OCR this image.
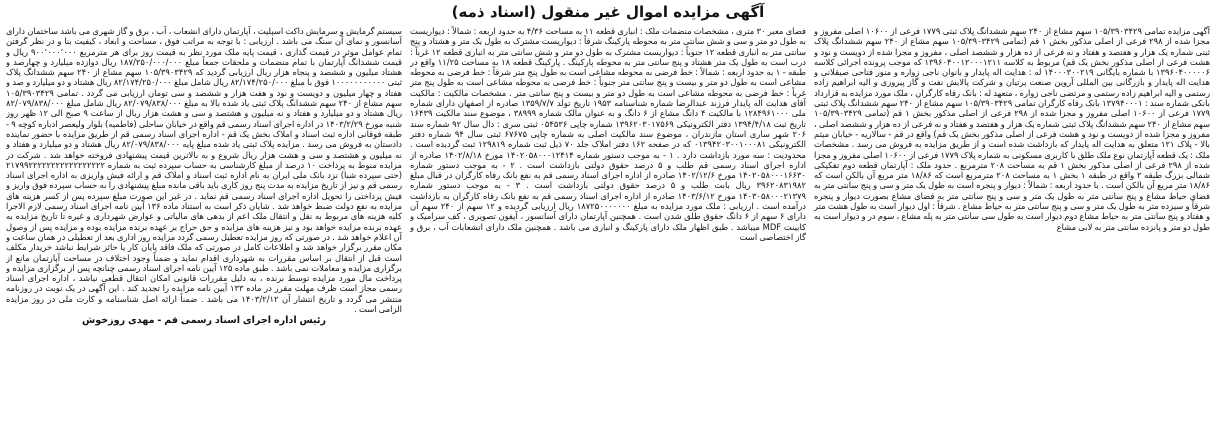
آگهی مزایده اموال غیر منقول (اسناد ذمه)

آگهی مزایده تمامی ۱۰۵/۳۹۰۳۴۲۹ سهم مشاع از ۲۴۰ سهم ششدانگ پلاک ثبتی ۱۷۷۹ فرعی از ۱۰۶۰۰ اصلی مفروز و مجزا شده از ۲۹۸ فرعی از اصلی مذکور بخش ۱ قم (تمامی ۱۰۵/۳۹۰۳۴۲۹ سهم مشاع از ۲۴۰ سهم ششدانگ پلاک ثبتی شماره یک هزار و هفتصد و هفتاد و نه فرعی از ده هزار و ششصد اصلی ، مفروز و مجزا شده از دویست و نود و هشت فرعی از اصلی مذکور بخش یک قم) مربوط به کلاسه ۱۳۹۶۰۴۰۰۱۲۰۰۰۱۲۱۱ که موجب پرونده اجرائی کلاسه ۱۳۹۶۰۴۰۰۰۰۰۶ با شماره بایگانی ۱۴۰۰۰۳۰۰۲۱۹ له : هدایت اله پایدار و بانوان ناجی زواره و منور فتاحی صیقلانی و هدایت اله پایدار و بازرگانی بین المللی آروین صنعت پرتیان و شرکت پالایش نفت و گاز پیروزی و الیه ابراهیم زاده رستمی و الیه ابراهیم زاده رستمی و مرتضی ناجی زواره ، متعهد له : بانک رفاه کارگران ، ملک مورد مزایده به قرارداد بانکی شماره سند : ۱۳۷۹۴۰۰۰۱ بانک رفاه کارگران تمامی ۱۰۵/۳۹۰۳۴۲۹ سهم مشاع از ۲۴۰ سهم ششدانگ پلاک ثبتی ۱۷۷۹ فرعی از ۱۰۶۰۰ اصلی مفروز و مجزا شده از ۲۹۸ فرعی از اصلی مذکور بخش ۱ قم (تمامی ۱۰۵/۳۹۰۳۴۲۹ سهم مشاع از ۲۴۰ سهم ششدانگ پلاک ثبتی شماره یک هزار و هفتصد و هفتاد و نه فرعی از ده هزار و ششصد اصلی ، مفروز و مجزا شده از دویست و نود و هشت فرعی از اصلی مذکور بخش یک قم) واقع در قم - سالاریه - خیابان میثم بالا - پلاک ۱۲۱ متعلق به هدایت اله پایدار که بازداشت شده است و از طریق مزایده به فروش می رسد . مشخصات ملک : یک قطعه آپارتمان نوع ملک طلق با کاربری مسکونی به شماره پلاک ۱۷۷۹ فرعی از ۱۰۶۰۰ اصلی مفروز و مجزا شده از ۲۹۸ فرعی از اصلی مذکور بخش ۱ قم به مساحت ۲۰۸ مترمربع . حدود ملک : آپارتمان قطعه دوم تفکیکی شمالی بزرگ طبقه ۲ واقع در طبقه ۱ بخش ۱ به مساحت ۲۰۸ مترمربع است که ۱۸/۸۶ متر مربع آن بالکن است که ۱۸/۸۶ متر مربع آن بالکن است . با حدود اربعه : شمالاً : دیوار و پنجره است به طول یک متر و سی و پنج سانتی متر به فضای حیاط مشاع و پنج سانتی متر به طول یک متر و سی و پنج سانتی متر به فضای مشاع بصورت دیوار و پنجره شرقاً و سیزده متر به طول یک متر و سی و پنج سانتی متر به حیاط مشاع . شرقاً : اول دیوار است به طول هشت متر و هفتاد و پنج سانتی متر به حیاط مشاع دوم دیوار است به طول سی سانتی متر به پله مشاع ، سوم در و دیوار است به طول دو متر و پانزده سانتی متر به لابی مشاع

فضای معبر ۳۰ متری ، مشخصات منضمات ملک : انباری قطعه ۱۱ به مساحت ۴/۳۶ به حدود اربعه : شمالاً : دیواریست به طول دو متر و سی و شش سانتی متر به محوطه پارکینگ شرقاً : دیواریست مشترک به طول یک متر و هشتاد و پنج سانتی متر به انباری قطعه ۱۲ جنوباً : دیواریست مشترک به طول دو متر و شش سانتی متر به انباری قطعه ۱۲ غرباً : درب است به طول یک متر هشتاد و پنج سانتی متر به محوطه پارکینگ . پارکینگ قطعه ۱۸ به مساحت ۱۱/۲۵ واقع در طبقه - ۱ به حدود اربعه : شمالاً : خط فرضی به محوطه مشاعی است به طول پنج متر شرقاً : خط فرضی به محوطه مشاعی است به طول دو متر و بیست و پنج سانتی متر جنوباً : خط فرضی به محوطه مشاعی است به طول پنج متر غرباً : خط فرضی به محوطه مشاعی است به طول دو متر و بیست و پنج سانتی متر . مشخصات مالکیت : مالکیت آقای هدایت اله پایدار فرزند عبدالرضا شماره شناسنامه ۱۹۵۳ تاریخ تولد ۱۳۵۹/۷/۷ صادره از اصفهان دارای شماره ملی ۱۲۸۴۹۶۱۰۰۰ با مالکیت ۴ دانگ مشاع از ۶ دانگ و به عنوان مالک شماره ۳۸۹۹۹ ، موضوع سند مالکیت ۱۶۴۳۹ تاریخ ثبت ۱۳۹۴/۴/۱۸ دفتر الکترونیکی ۱۳۹۶۲۰۳۰۱۷۵۶۹ شماره چاپی ۰۵۴۵۳۶ ثبتی سری : دال سال ۹۲ شماره سند ۲۰۶ شهر ساری استان مازندران ، موضوع سند مالکیت اصلی به شماره چاپی ۶۷۶۷۵ ثبتی سال ۹۴ شماره دفتر الکترونیکی ۰۱۳۹۴۲۰۳۰۰۱۰۰۰۸۱ که در صفحه ۱۶۲ دفتر املاک جلد ۷۰ ذیل ثبت شماره ۱۲۹۸۱۹ ثبت گردیده است . محدودیت : سه مورد بازداشت دارد . ۱ - به موجب دستور شماره ۱۴۰۲۰۵۸۰۰۰۱۲۴۱۴ مورخ ۱۴۰۲/۸/۱۸ صادره از اداره اجرای اسناد رسمی قم طلب و ۵ درصد حقوق دولتی بازداشت است . ۲ - به موجب دستور شماره ۱۴۰۲۰۵۸۰۰۰۱۶۶۳۰ مورخ ۱۴۰۲/۱۲/۶ صادره از اداره اجرای اسناد رسمی قم به نفع بانک رفاه کارگران در قبال مبلغ ۳۹۶۲۰۸۳۱۹۸۲ ریال بابت طلب و ۵ درصد حقوق دولتی بازداشت است . ۳ - به موجب دستور شماره ۱۴۰۳۰۵۸۰۰۰۲۱۳۷۹ مورخ ۱۴۰۳/۶/۱۲ صادره از اداره اجرای اسناد رسمی قم به نفع بانک رفاه کارگران به بازداشت درآمده است . ارزیابی : ملک مورد مزایده به مبلغ ۱۸۷۲۵۰۰۰۰۰۰۰ ریال ارزیابی گردیده و ۱۲ سهم از ۲۴۰ سهم آن دارای ۶ سهم از ۶ دانگ حقوق طلق شدن است . همچنین آپارتمان دارای آسانسور ، آیفون تصویری ، کف سرامیک و کابینت MDF میباشد . طبق اظهار ملک دارای پارکینگ و انباری می باشد . همچنین ملک دارای انشعابات آب ، برق و گاز اختصاصی است

سیستم گرمایش و سرمایش داکت اسپلیت ، آپارتمان دارای انشعاب ، آب ، برق و گاز شهری می باشد ساختمان دارای آسانسور و نمای آن سنگ می باشد . ارزیابی : با توجه به مراتب فوق ، مساحت و ابعاد ، کیفیت بنا و در نظر گرفتن تمام عوامل موثر در قیمت گذاری ، قیمت پایه ملک مورد نظر به قیمت روز برای هر مترمربع ۹۰۰٬۰۰۰٬۰۰۰ ریال و قیمت ششدانگ آپارتمان با تمام منضمات و ملحقات جمعاً مبلغ ۱۸۷/۲۵۰/۰۰۰/۰۰۰ ریال دوازده میلیارد و چهارصد و هشتاد میلیون و ششصد و پنجاه هزار ریال ارزیابی گردید که ۱۰۵/۳۹۰۳۴۲۹ سهم مشاع از ۲۴۰ سهم ششدانگ پلاک ثبتی ۱۰۰۰۰۰۰۰۰۰۰۰ فوق با مبلغ ۸۲/۱۷۴/۲۵۰/۰۰۰ ریال شامل مبلغ ۸۲/۱۷۴/۲۵۰/۰۰۰ ریال هشتاد و دو میلیارد و صد و هفتاد و چهار میلیون و دویست و نود و هفت هزار و ششصد و سی تومان ارزیابی می گردد . تمامی ۱۰۵/۳۹۰۳۴۲۹ سهم مشاع از ۲۴۰ سهم ششدانگ پلاک ثبتی یاد شده بالا به مبلغ ۸۲/۰۷۹/۸۳۸/۰۰۰ ریال شامل مبلغ ۸۲/۰۷۹/۸۳۸/۰۰۰ ریال هشتاد و دو میلیارد و هفتاد و نه میلیون و هشتصد و سی و هشت هزار ریال از ساعت ۹ صبح الی ۱۲ ظهر روز شنبه مورخ ۱۴۰۳/۲/۲۹ در اداره اجرای اسناد رسمی قم واقع در خیابان ساحلی (فاطمیه) بلوار ولیعصر ادباره کوچه ۹ - طبقه فوقانی اداره ثبت اسناد و املاک بخش یک قم - اداره اجرای اسناد رسمی قم از طریق مزایده با حضور نماینده دادستان به فروش می رسد . مزایده پلاک ثبتی یاد شده مبلغ پایه ۸۲/۰۷۹/۸۳۸/۰۰۰ ریال هشتاد و دو میلیارد و هفتاد و نه میلیون و هشتصد و سی و هشت هزار ریال شروع و به بالاترین قیمت پیشنهادی فروخته خواهد شد . شرکت در مزایده منوط به پرداخت ۱۰ درصد از مبلغ کارشناسی به حساب سپرده ثبت به شماره ۲۱۷۹۹۲۲۲۲۲۲۲۲۲۲۲۲۲۲۲۲۲ (حتی سپرده شبا) نزد بانک ملی ایران به نام اداره ثبت اسناد و املاک قم و ارائه فیش واریزی به اداره اجرای اسناد رسمی قم و نیز از تاریخ مزایده به مدت پنج روز کاری باید باقی مانده مبلغ پیشنهادی را به حساب سپرده فوق واریز و فیش پرداختی را تحویل اداره اجرای اسناد رسمی قم نماید . در غیر این صورت مبلغ سپرده پس از کسر هزینه های مزایده به نفع دولت ضبط خواهد شد . شایان ذکر است به استناد ماده ۱۳۶ آیین نامه اجرای اسناد رسمی لازم الاجرا کلیه هزینه های مربوط به نقل و انتقال ملک اعم از بدهی های مالیاتی و عوارض شهرداری و غیره تا تاریخ مزایده به عهده برنده مزایده خواهد بود و نیز هزینه های مزایده و حق حراج بر عهده برنده مزایده بوده و مزایده پس از وصول آن اعلام خواهد شد . در صورتی که روز مزایده تعطیل رسمی گردد مزایده روز اداری بعد از تعطیلی در همان ساعت و مکان مقرر برگزار خواهد شد و اطلاعات کامل در صورتی که ملک فاقد پایان کار یا حائز شرایط نباشد خریدار مکلف است قبل از انتقال بر اساس مقررات به شهرداری اقدام نماید و ضمناً وجود اختلاف در مساحت آپارتمان مانع از برگزاری مزایده و معاملات نمی باشد . طبق ماده ۱۲۵ آیین نامه اجرای اسناد رسمی چنانچه پس از برگزاری مزایده و پرداخت مال مورد مزایده توسط برنده ، به دلیل مقررات قانونی امکان انتقال قطعی نباشد ، اداره اجرای اسناد رسمی مجاز است ظرف مهلت مقرر در ماده ۱۳۳ آیین نامه مزایده را تجدید کند . این آگهی در یک نوبت در روزنامه منتشر می گردد و تاریخ انتشار آن ۱۴۰۳/۲/۱۲ می باشد . ضمناً ارائه اصل شناسنامه و کارت ملی در روز مزایده الزامی است .

رئیس اداره اجرای اسناد رسمی قم - مهدی روزخوش
